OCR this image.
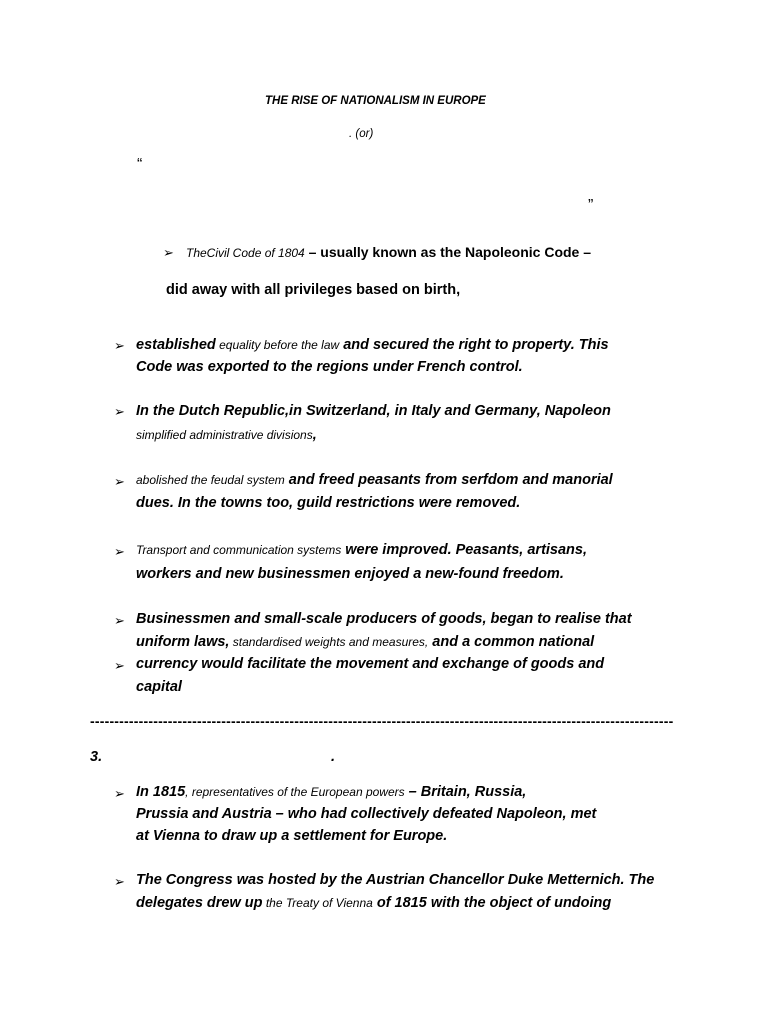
THE RISE OF NATIONALISM IN EUROPE
. (or)
“
”
➢ TheCivil Code of 1804 – usually known as the Napoleonic Code –
did away with all privileges based on birth,
➢ established equality before the law and secured the right to property. This
Code was exported to the regions under French control.
➢ In the Dutch Republic,in Switzerland, in Italy and Germany, Napoleon
simplified administrative divisions,
➢ abolished the feudal system and freed peasants from serfdom and manorial
dues. In the towns too, guild restrictions were removed.
➢ Transport and communication systems were improved. Peasants, artisans,
workers and new businessmen enjoyed a new-found freedom.
➢ Businessmen and small-scale producers of goods, began to realise that
uniform laws, standardised weights and measures, and a common national
➢ currency would facilitate the movement and exchange of goods and
capital
------------------------------------------------------------------------------------------------------------------------
3.	.
➢ In 1815, representatives of the European powers – Britain, Russia,
Prussia and Austria – who had collectively defeated Napoleon, met
at Vienna to draw up a settlement for Europe.
➢ The Congress was hosted by the Austrian Chancellor Duke Metternich. The
delegates drew up the Treaty of Vienna of 1815 with the object of undoing
